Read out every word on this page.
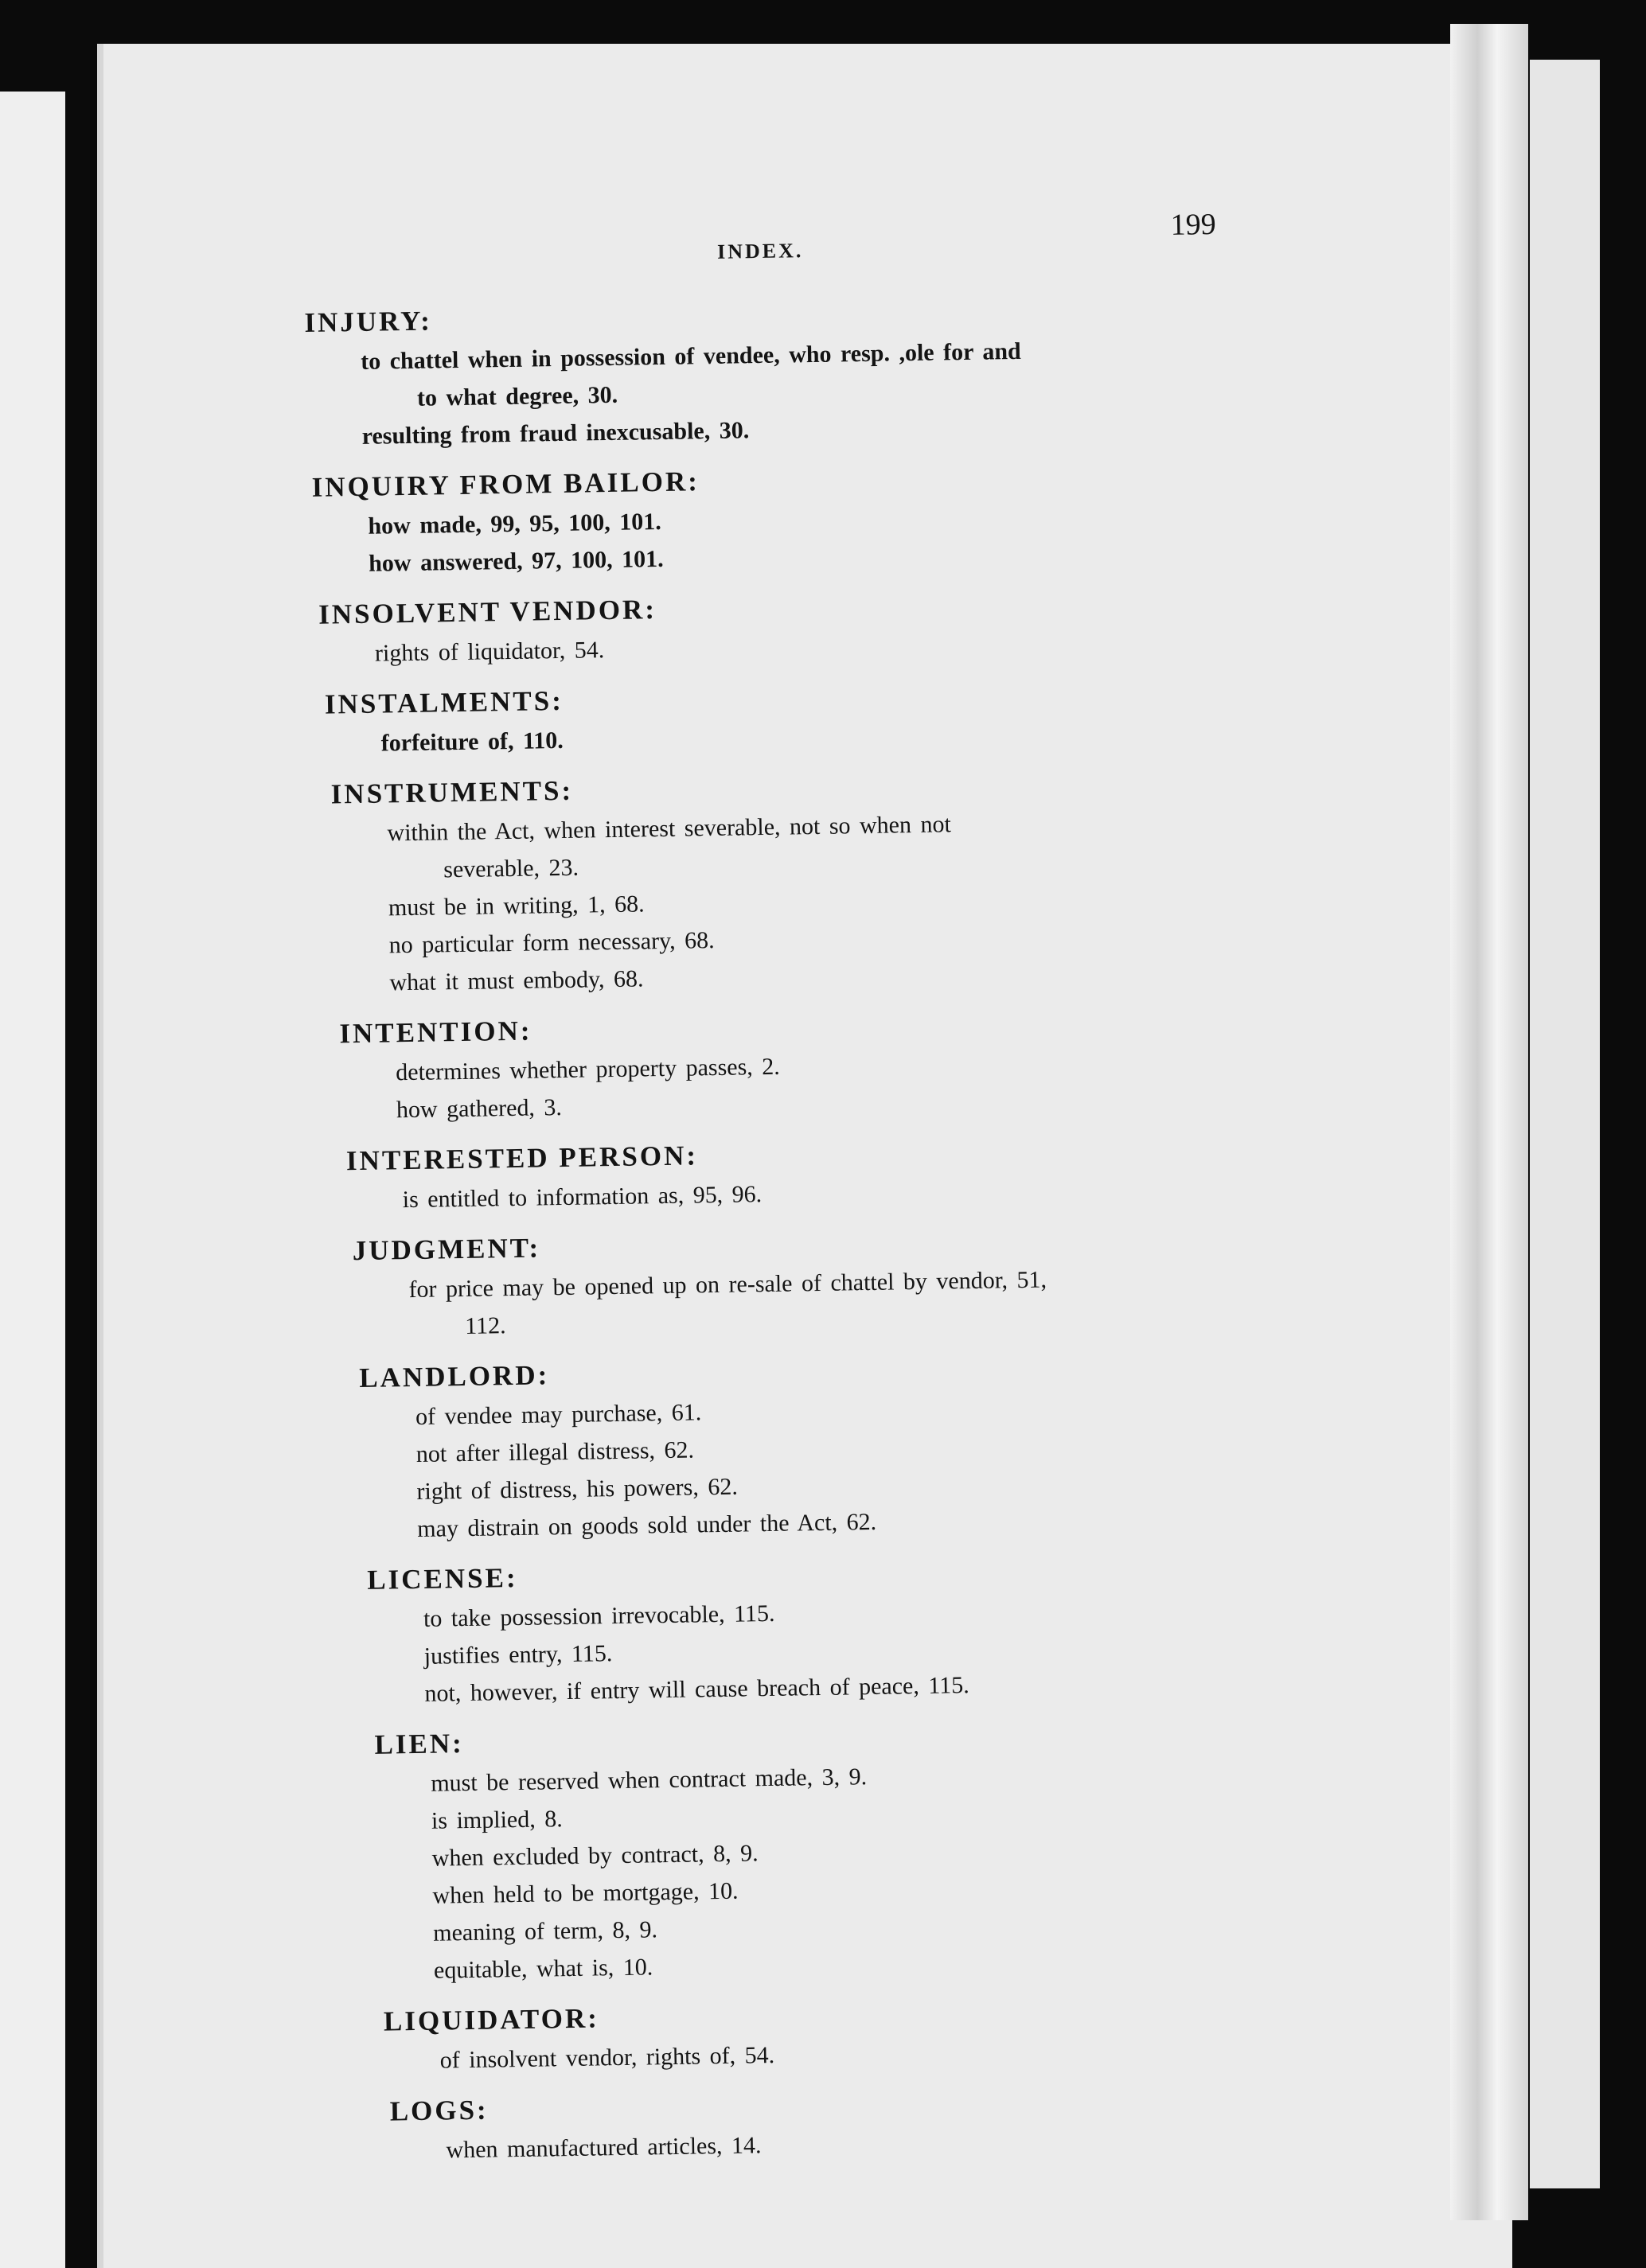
INDEX.
199
INJURY:
to chattel when in possession of vendee, who resp. ,ole for and
to what degree, 30.
resulting from fraud inexcusable, 30.
INQUIRY FROM BAILOR:
how made, 99, 95, 100, 101.
how answered, 97, 100, 101.
INSOLVENT VENDOR:
rights of liquidator, 54.
INSTALMENTS:
forfeiture of, 110.
INSTRUMENTS:
within the Act, when interest severable, not so when not
severable, 23.
must be in writing, 1, 68.
no particular form necessary, 68.
what it must embody, 68.
INTENTION:
determines whether property passes, 2.
how gathered, 3.
INTERESTED PERSON:
is entitled to information as, 95, 96.
JUDGMENT:
for price may be opened up on re-sale of chattel by vendor, 51,
112.
LANDLORD:
of vendee may purchase, 61.
not after illegal distress, 62.
right of distress, his powers, 62.
may distrain on goods sold under the Act, 62.
LICENSE:
to take possession irrevocable, 115.
justifies entry, 115.
not, however, if entry will cause breach of peace, 115.
LIEN:
must be reserved when contract made, 3, 9.
is implied, 8.
when excluded by contract, 8, 9.
when held to be mortgage, 10.
meaning of term, 8, 9.
equitable, what is, 10.
LIQUIDATOR:
of insolvent vendor, rights of, 54.
LOGS:
when manufactured articles, 14.
